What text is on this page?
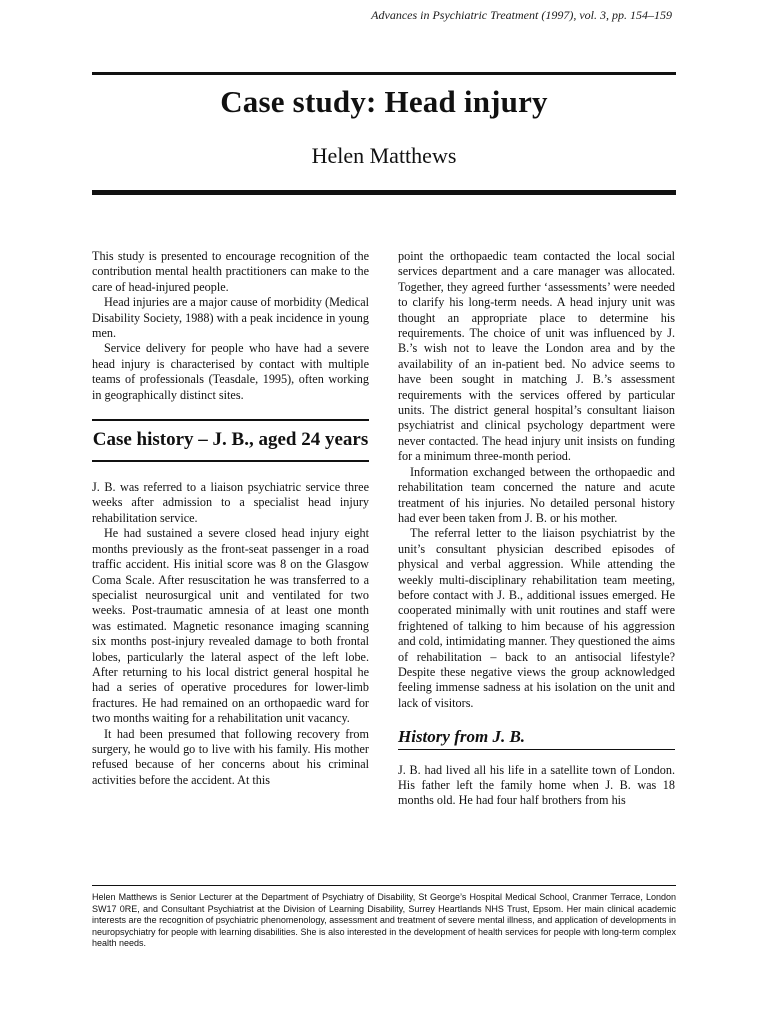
Advances in Psychiatric Treatment (1997), vol. 3, pp. 154–159
Case study: Head injury
Helen Matthews

This study is presented to encourage recognition of the contribution mental health practitioners can make to the care of head-injured people.

Head injuries are a major cause of morbidity (Medical Disability Society, 1988) with a peak incidence in young men.

Service delivery for people who have had a severe head injury is characterised by contact with multiple teams of professionals (Teasdale, 1995), often working in geographically distinct sites.

Case history – J. B., aged 24 years

J. B. was referred to a liaison psychiatric service three weeks after admission to a specialist head injury rehabilitation service.

He had sustained a severe closed head injury eight months previously as the front-seat passenger in a road traffic accident. His initial score was 8 on the Glasgow Coma Scale. After resuscitation he was transferred to a specialist neurosurgical unit and ventilated for two weeks. Post-traumatic amnesia of at least one month was estimated. Magnetic resonance imaging scanning six months post-injury revealed damage to both frontal lobes, particularly the lateral aspect of the left lobe. After returning to his local district general hospital he had a series of operative procedures for lower-limb fractures. He had remained on an orthopaedic ward for two months waiting for a rehabilitation unit vacancy.

It had been presumed that following recovery from surgery, he would go to live with his family. His mother refused because of her concerns about his criminal activities before the accident. At this

point the orthopaedic team contacted the local social services department and a care manager was allocated. Together, they agreed further ‘assessments’ were needed to clarify his long-term needs. A head injury unit was thought an appropriate place to determine his requirements. The choice of unit was influenced by J. B.’s wish not to leave the London area and by the availability of an in-patient bed. No advice seems to have been sought in matching J. B.’s assessment requirements with the services offered by particular units. The district general hospital’s consultant liaison psychiatrist and clinical psychology department were never contacted. The head injury unit insists on funding for a minimum three-month period.

Information exchanged between the orthopaedic and rehabilitation team concerned the nature and acute treatment of his injuries. No detailed personal history had ever been taken from J. B. or his mother.

The referral letter to the liaison psychiatrist by the unit’s consultant physician described episodes of physical and verbal aggression. While attending the weekly multi-disciplinary rehabilitation team meeting, before contact with J. B., additional issues emerged. He cooperated minimally with unit routines and staff were frightened of talking to him because of his aggression and cold, intimidating manner. They questioned the aims of rehabilitation – back to an antisocial lifestyle? Despite these negative views the group acknowledged feeling immense sadness at his isolation on the unit and lack of visitors.

History from J. B.

J. B. had lived all his life in a satellite town of London. His father left the family home when J. B. was 18 months old. He had four half brothers from his

Helen Matthews is Senior Lecturer at the Department of Psychiatry of Disability, St George’s Hospital Medical School, Cranmer Terrace, London SW17 0RE, and Consultant Psychiatrist at the Division of Learning Disability, Surrey Heartlands NHS Trust, Epsom. Her main clinical academic interests are the recognition of psychiatric phenomenology, assessment and treatment of severe mental illness, and application of developments in neuropsychiatry for people with learning disabilities. She is also interested in the development of health services for people with long-term complex health needs.
